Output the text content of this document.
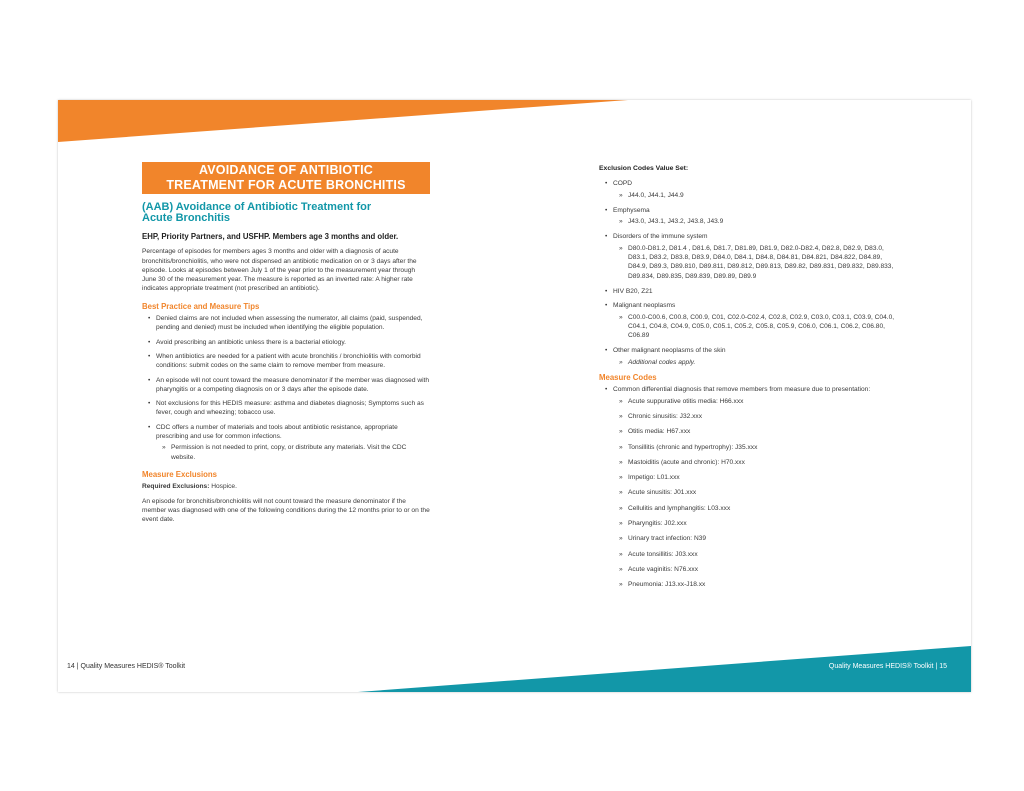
AVOIDANCE OF ANTIBIOTIC
TREATMENT FOR ACUTE BRONCHITIS
(AAB) Avoidance of Antibiotic Treatment for
Acute Bronchitis
EHP, Priority Partners, and USFHP. Members age 3 months and older.

Percentage of episodes for members ages 3 months and older with a diagnosis of acute bronchitis/bronchiolitis, who were not dispensed an antibiotic medication on or 3 days after the episode. Looks at episodes between July 1 of the year prior to the measurement year through June 30 of the measurement year. The measure is reported as an inverted rate: A higher rate indicates appropriate treatment (not prescribed an antibiotic).

Best Practice and Measure Tips
• Denied claims are not included when assessing the numerator, all claims (paid, suspended, pending and denied) must be included when identifying the eligible population.
• Avoid prescribing an antibiotic unless there is a bacterial etiology.
• When antibiotics are needed for a patient with acute bronchitis / bronchiolitis with comorbid conditions: submit codes on the same claim to remove member from measure.
• An episode will not count toward the measure denominator if the member was diagnosed with pharyngitis or a competing diagnosis on or 3 days after the episode date.
• Not exclusions for this HEDIS measure: asthma and diabetes diagnosis; Symptoms such as fever, cough and wheezing; tobacco use.
• CDC offers a number of materials and tools about antibiotic resistance, appropriate prescribing and use for common infections.
» Permission is not needed to print, copy, or distribute any materials. Visit the CDC website.
Measure Exclusions

Required Exclusions: Hospice.

An episode for bronchitis/bronchiolitis will not count toward the measure denominator if the member was diagnosed with one of the following conditions during the 12 months prior to or on the event date.

Exclusion Codes Value Set:
• COPD
» J44.0, J44.1, J44.9
• Emphysema
» J43.0, J43.1, J43.2, J43.8, J43.9
• Disorders of the immune system
» D80.0-D81.2, D81.4 , D81.6, D81.7, D81.89, D81.9, D82.0-D82.4, D82.8, D82.9, D83.0, D83.1, D83.2, D83.8, D83.9, D84.0, D84.1, D84.8, D84.81, D84.821, D84.822, D84.89, D84.9, D89.3, D89.810, D89.811, D89.812, D89.813, D89.82, D89.831, D89.832, D89.833, D89.834, D89.835, D89.839, D89.89, D89.9
• HIV B20, Z21
• Malignant neoplasms
» C00.0-C00.6, C00.8, C00.9, C01, C02.0-C02.4, C02.8, C02.9, C03.0, C03.1, C03.9, C04.0, C04.1, C04.8, C04.9, C05.0, C05.1, C05.2, C05.8, C05.9, C06.0, C06.1, C06.2, C06.80, C06.89
• Other malignant neoplasms of the skin
» Additional codes apply.
Measure Codes
• Common differential diagnosis that remove members from measure due to presentation:
» Acute suppurative otitis media: H66.xxx
» Chronic sinusitis: J32.xxx
» Otitis media: H67.xxx
» Tonsillitis (chronic and hypertrophy): J35.xxx
» Mastoiditis (acute and chronic): H70.xxx
» Impetigo: L01.xxx
» Acute sinusitis: J01.xxx
» Cellulitis and lymphangitis: L03.xxx
» Pharyngitis: J02.xxx
» Urinary tract infection: N39
» Acute tonsillitis: J03.xxx
» Acute vaginitis: N76.xxx
» Pneumonia: J13.xx-J18.xx
14 | Quality Measures HEDIS® Toolkit	Quality Measures HEDIS® Toolkit | 15
